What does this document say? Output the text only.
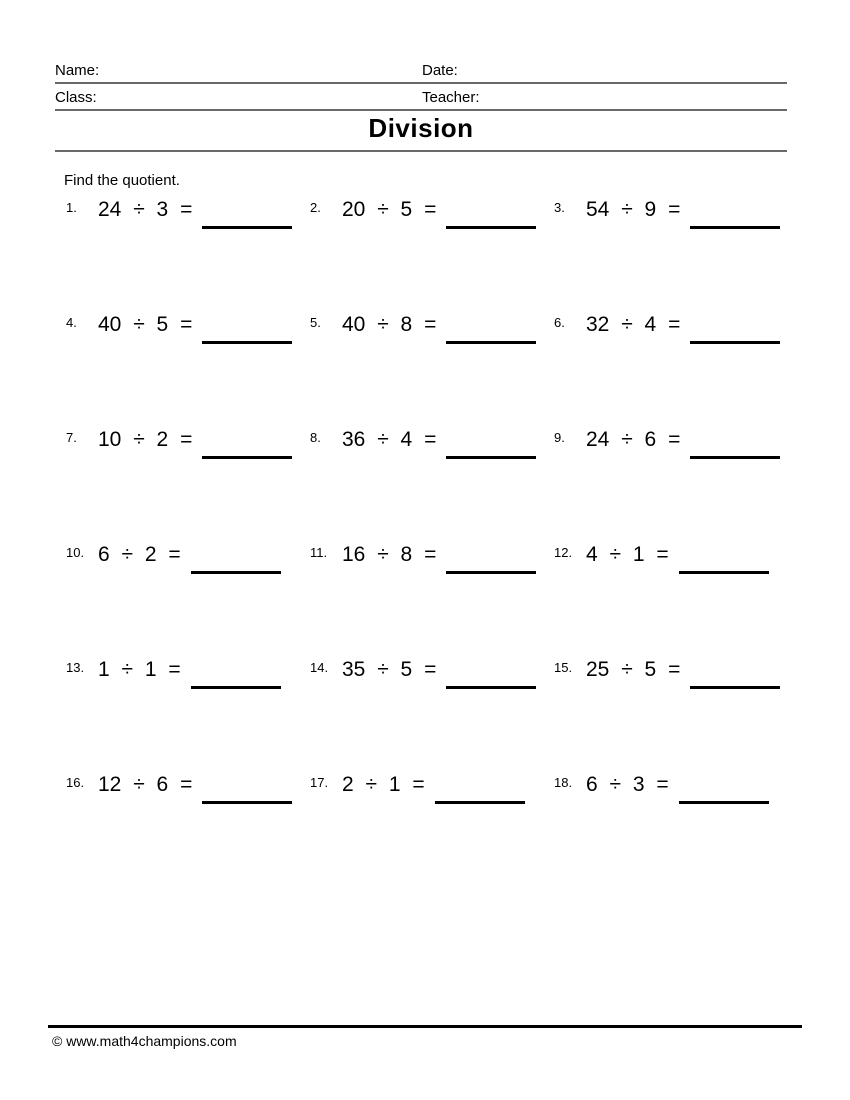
Name:	Date:
Class:	Teacher:
Division
Find the quotient.
1.	24 ÷ 3 =	2.	20 ÷ 5 =	3.	54 ÷ 9 =
4.	40 ÷ 5 =	5.	40 ÷ 8 =	6.	32 ÷ 4 =
7.	10 ÷ 2 =	8.	36 ÷ 4 =	9.	24 ÷ 6 =
10. 6 ÷ 2 =	11. 16 ÷ 8 =	12. 4 ÷ 1 =
13. 1 ÷ 1 =	14. 35 ÷ 5 =	15. 25 ÷ 5 =
16. 12 ÷ 6 =	17. 2 ÷ 1 =	18. 6 ÷ 3 =
© www.math4champions.com
